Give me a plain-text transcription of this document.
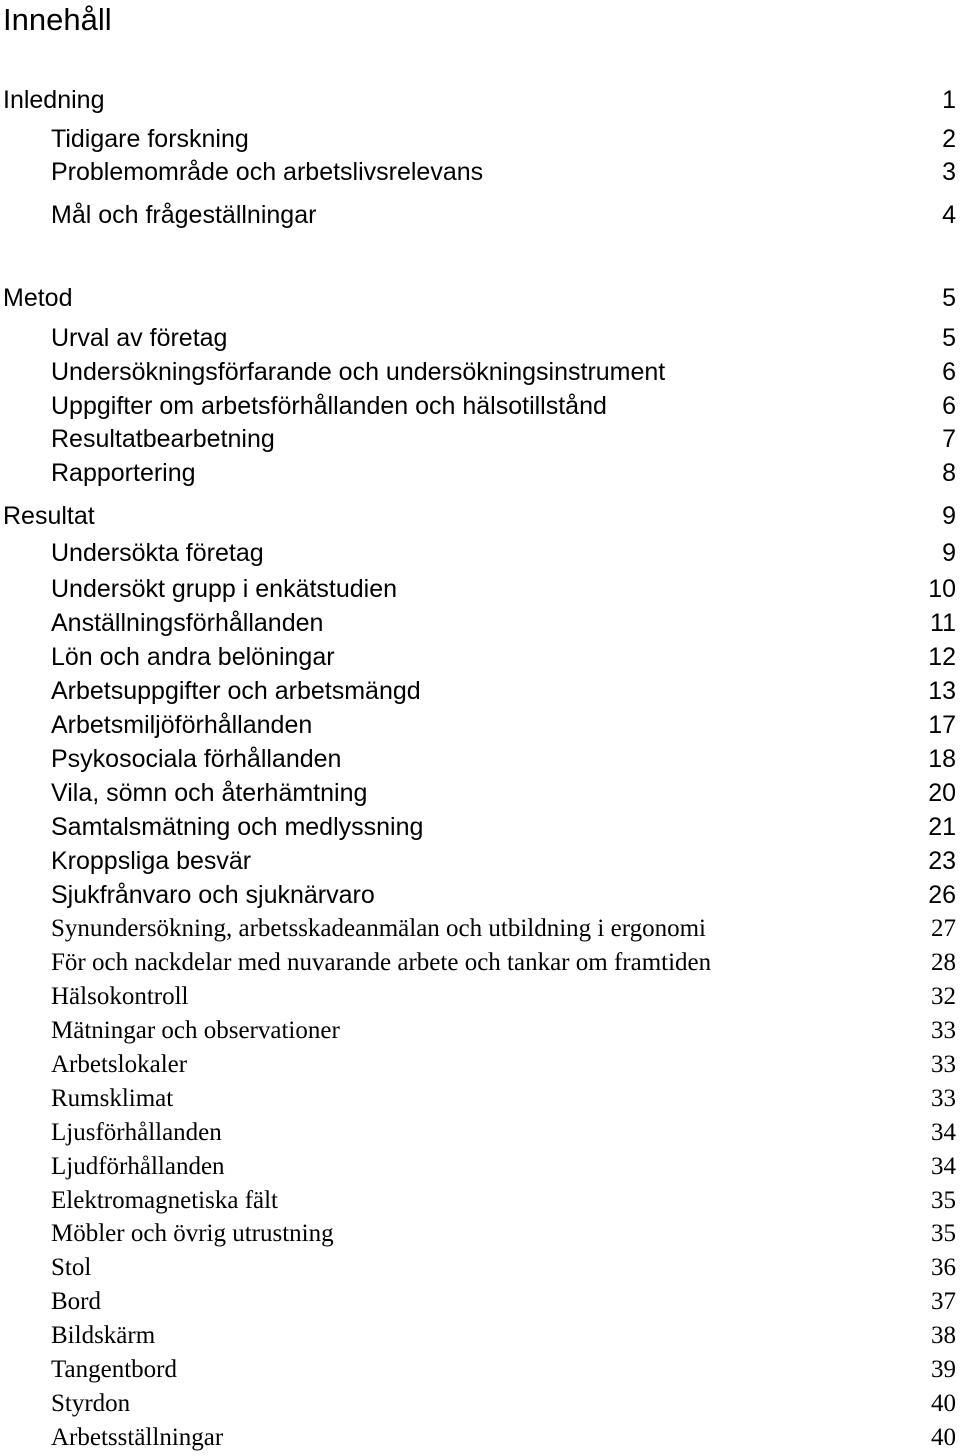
Innehåll
Inledning	1
Tidigare forskning	2
Problemområde och arbetslivsrelevans	3
Mål och frågeställningar	4
Metod	5
Urval av företag	5
Undersökningsförfarande och undersökningsinstrument	6
Uppgifter om arbetsförhållanden och hälsotillstånd	6
Resultatbearbetning	7
Rapportering	8
Resultat	9
Undersökta företag	9
Undersökt grupp i enkätstudien	10
Anställningsförhållanden	11
Lön och andra belöningar	12
Arbetsuppgifter och arbetsmängd	13
Arbetsmiljöförhållanden	17
Psykosociala förhållanden	18
Vila, sömn och återhämtning	20
Samtalsmätning och medlyssning	21
Kroppsliga besvär	23
Sjukfrånvaro och sjuknärvaro	26
Synundersökning, arbetsskadeanmälan och utbildning i ergonomi	27
För och nackdelar med nuvarande arbete och tankar om framtiden	28
Hälsokontroll	32
Mätningar och observationer	33
Arbetslokaler	33
Rumsklimat	33
Ljusförhållanden	34
Ljudförhållanden	34
Elektromagnetiska fält	35
Möbler och övrig utrustning	35
Stol	36
Bord	37
Bildskärm	38
Tangentbord	39
Styrdon	40
Arbetsställningar	40
